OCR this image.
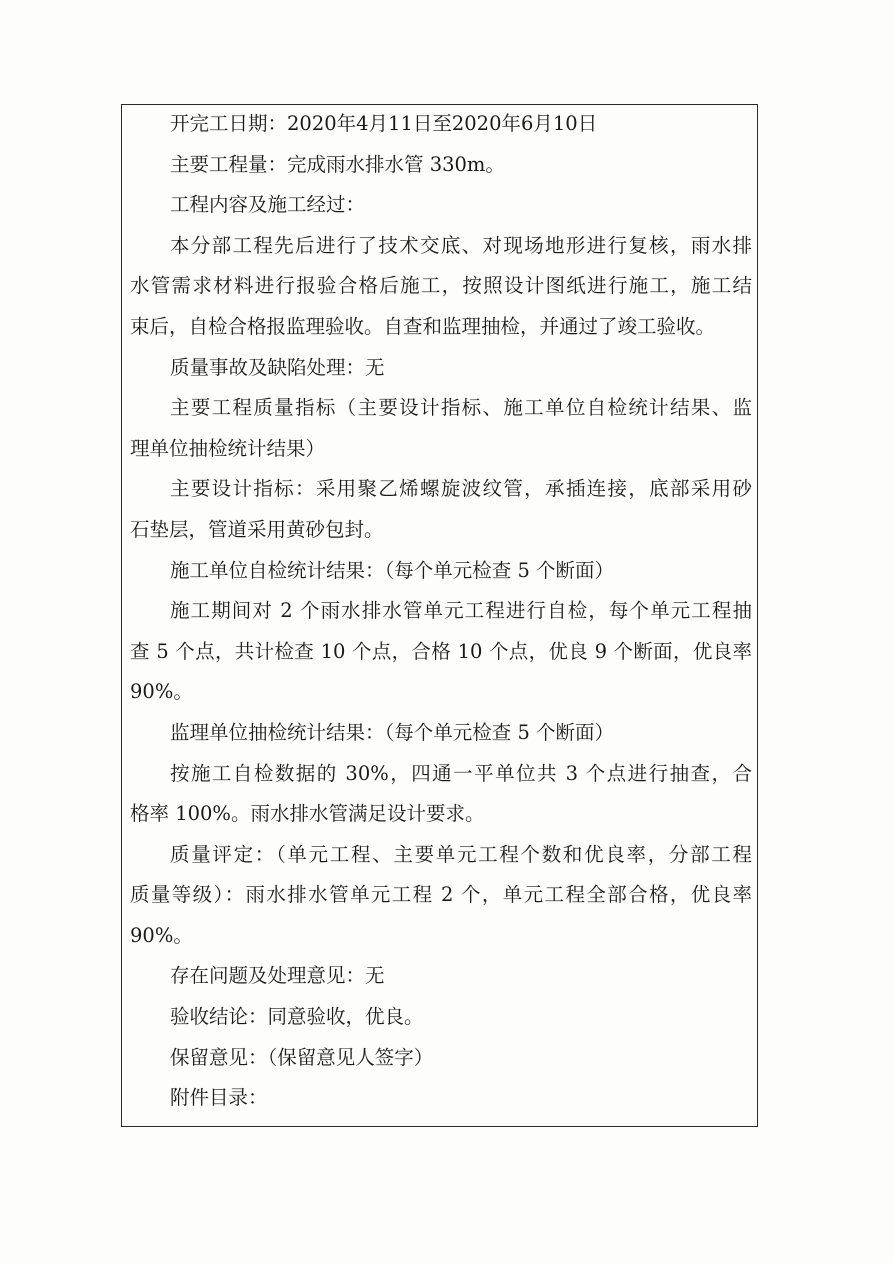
开完工日期：2020年4月11日至2020年6月10日
主要工程量：完成雨水排水管 330m。
工程内容及施工经过：
本分部工程先后进行了技术交底、对现场地形进行复核，雨水排
水管需求材料进行报验合格后施工，按照设计图纸进行施工，施工结
束后，自检合格报监理验收。自查和监理抽检，并通过了竣工验收。
质量事故及缺陷处理：无
主要工程质量指标（主要设计指标、施工单位自检统计结果、监
理单位抽检统计结果）
主要设计指标：采用聚乙烯螺旋波纹管，承插连接，底部采用砂
石垫层，管道采用黄砂包封。
施工单位自检统计结果：（每个单元检查 5 个断面）
施工期间对 2 个雨水排水管单元工程进行自检，每个单元工程抽
查 5 个点，共计检查 10 个点，合格 10 个点，优良 9 个断面，优良率
90%。
监理单位抽检统计结果：（每个单元检查 5 个断面）
按施工自检数据的 30%，四通一平单位共 3 个点进行抽查，合
格率 100%。雨水排水管满足设计要求。
质量评定：（单元工程、主要单元工程个数和优良率，分部工程
质量等级）：雨水排水管单元工程 2 个，单元工程全部合格，优良率
90%。
存在问题及处理意见：无
验收结论：同意验收，优良。
保留意见：（保留意见人签字）
附件目录：
